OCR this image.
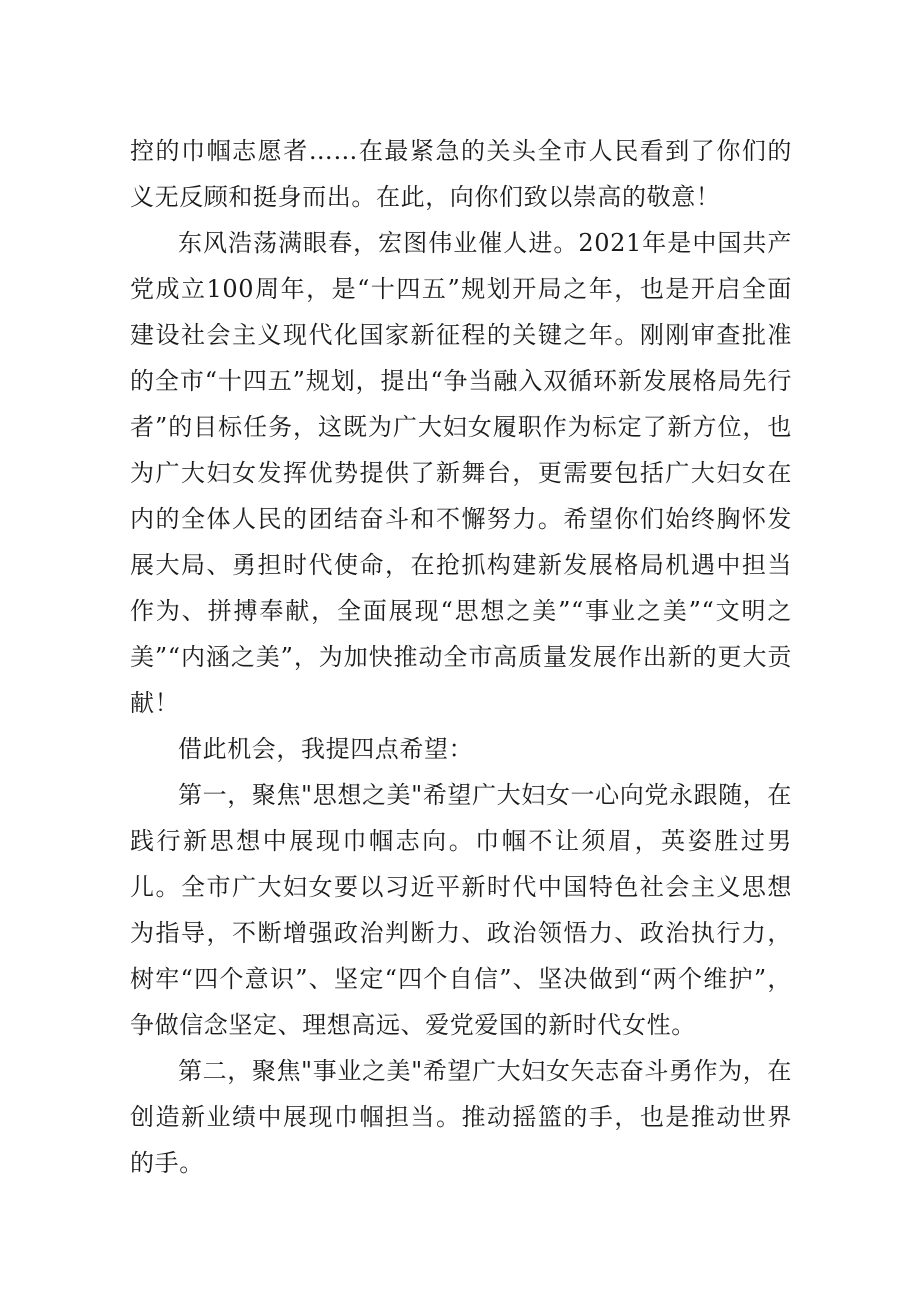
控的巾帼志愿者……在最紧急的关头全市人民看到了你们的义无反顾和挺身而出。在此，向你们致以崇高的敬意！

东风浩荡满眼春，宏图伟业催人进。2021年是中国共产党成立100周年，是“十四五”规划开局之年，也是开启全面建设社会主义现代化国家新征程的关键之年。刚刚审查批准的全市“十四五”规划，提出“争当融入双循环新发展格局先行者”的目标任务，这既为广大妇女履职作为标定了新方位，也为广大妇女发挥优势提供了新舞台，更需要包括广大妇女在内的全体人民的团结奋斗和不懈努力。希望你们始终胸怀发展大局、勇担时代使命，在抢抓构建新发展格局机遇中担当作为、拼搏奉献，全面展现“思想之美”“事业之美”“文明之美”“内涵之美”，为加快推动全市高质量发展作出新的更大贡献！

借此机会，我提四点希望：

第一，聚焦"思想之美"希望广大妇女一心向党永跟随，在践行新思想中展现巾帼志向。巾帼不让须眉，英姿胜过男儿。全市广大妇女要以习近平新时代中国特色社会主义思想为指导，不断增强政治判断力、政治领悟力、政治执行力，树牢“四个意识”、坚定“四个自信”、坚决做到“两个维护”，争做信念坚定、理想高远、爱党爱国的新时代女性。

第二，聚焦"事业之美"希望广大妇女矢志奋斗勇作为，在创造新业绩中展现巾帼担当。推动摇篮的手，也是推动世界的手。
